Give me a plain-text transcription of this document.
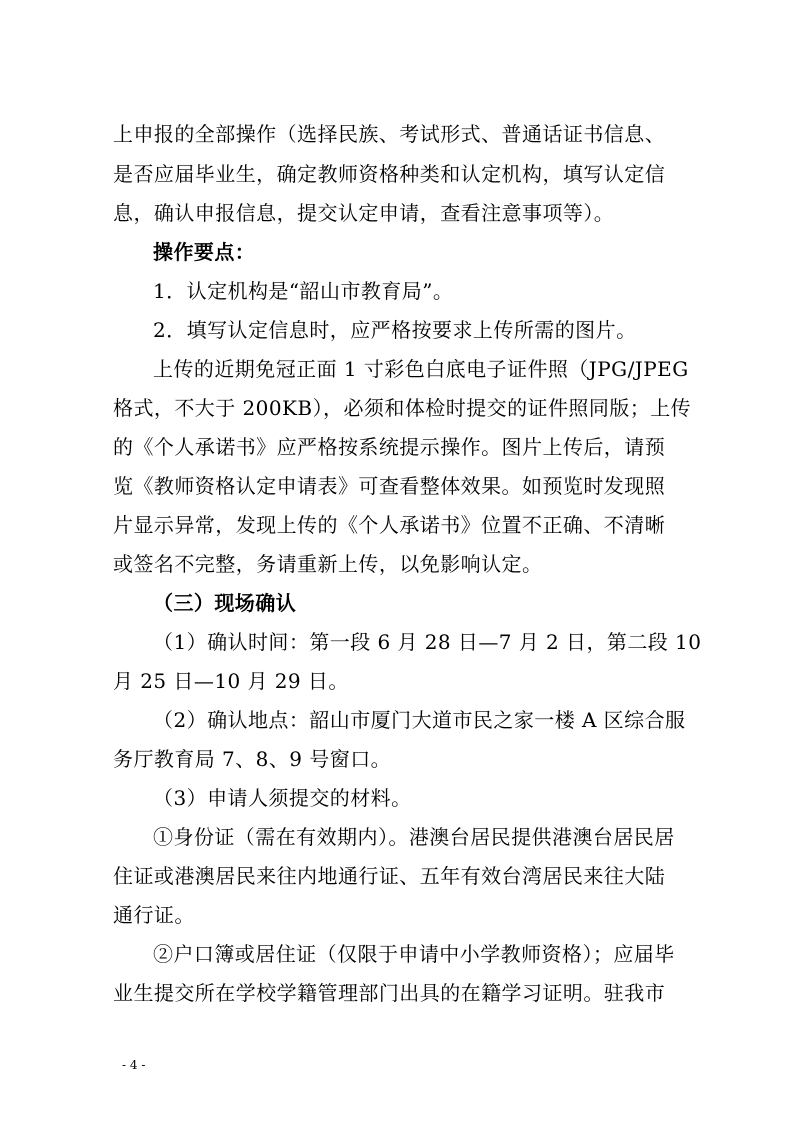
上申报的全部操作（选择民族、考试形式、普通话证书信息、
是否应届毕业生，确定教师资格种类和认定机构，填写认定信
息，确认申报信息，提交认定申请，查看注意事项等）。
操作要点：
1．认定机构是“韶山市教育局”。
2．填写认定信息时，应严格按要求上传所需的图片。
上传的近期免冠正面 1 寸彩色白底电子证件照（JPG/JPEG
格式，不大于 200KB），必须和体检时提交的证件照同版；上传
的《个人承诺书》应严格按系统提示操作。图片上传后，请预
览《教师资格认定申请表》可查看整体效果。如预览时发现照
片显示异常，发现上传的《个人承诺书》位置不正确、不清晰
或签名不完整，务请重新上传，以免影响认定。
（三）现场确认
（1）确认时间：第一段 6 月 28 日—7 月 2 日，第二段 10
月 25 日—10 月 29 日。
（2）确认地点：韶山市厦门大道市民之家一楼 A 区综合服
务厅教育局 7、8、9 号窗口。
（3）申请人须提交的材料。
①身份证（需在有效期内）。港澳台居民提供港澳台居民居
住证或港澳居民来往内地通行证、五年有效台湾居民来往大陆
通行证。
②户口簿或居住证（仅限于申请中小学教师资格）；应届毕
业生提交所在学校学籍管理部门出具的在籍学习证明。驻我市
- 4 -
